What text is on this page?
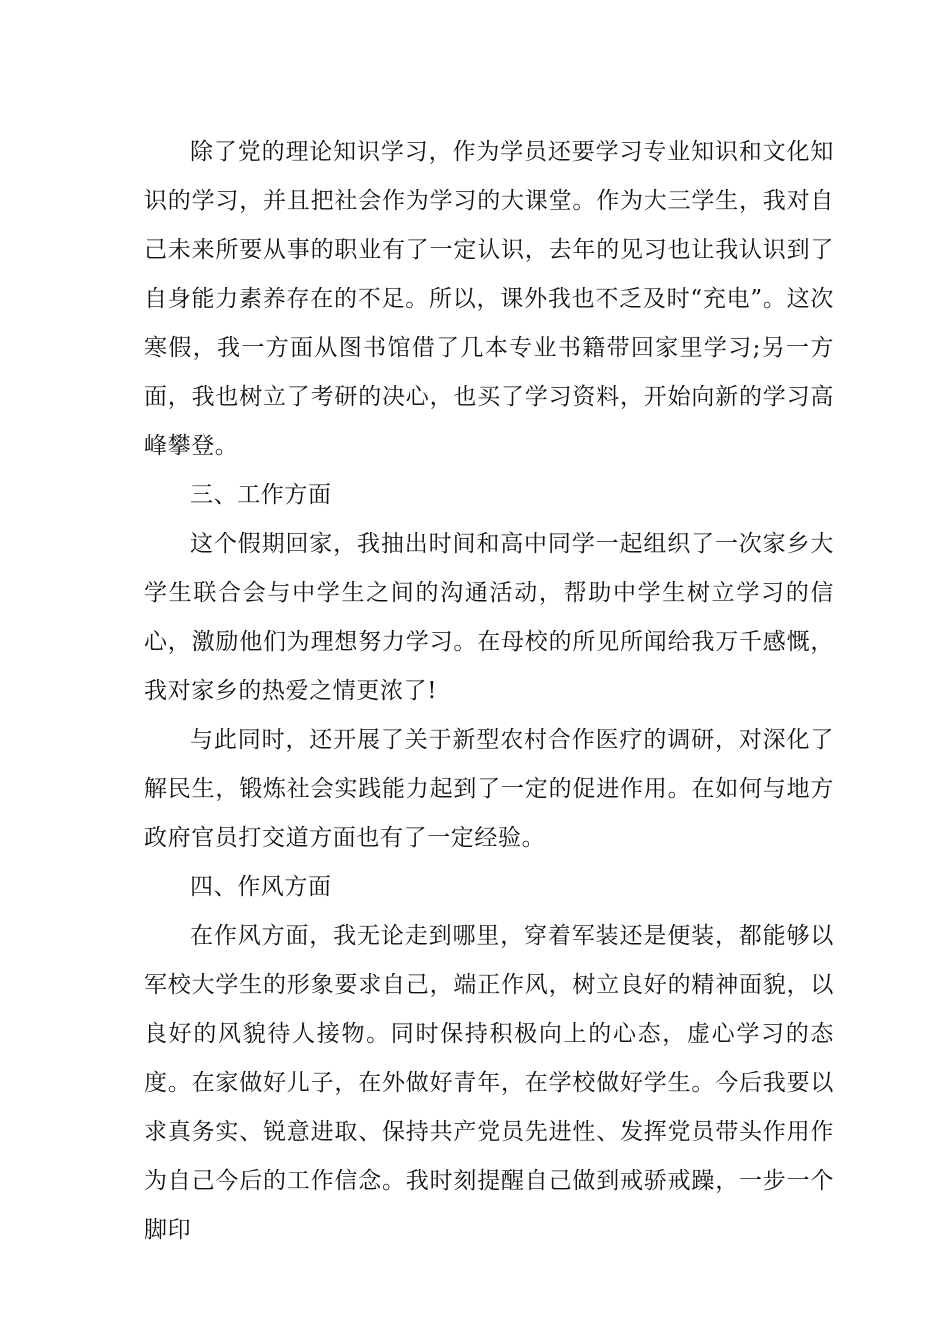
除了党的理论知识学习，作为学员还要学习专业知识和文化知识的学习，并且把社会作为学习的大课堂。作为大三学生，我对自己未来所要从事的职业有了一定认识，去年的见习也让我认识到了自身能力素养存在的不足。所以，课外我也不乏及时“充电”。这次寒假，我一方面从图书馆借了几本专业书籍带回家里学习;另一方面，我也树立了考研的决心，也买了学习资料，开始向新的学习高峰攀登。

三、工作方面

这个假期回家，我抽出时间和高中同学一起组织了一次家乡大学生联合会与中学生之间的沟通活动，帮助中学生树立学习的信心，激励他们为理想努力学习。在母校的所见所闻给我万千感慨，我对家乡的热爱之情更浓了!

与此同时，还开展了关于新型农村合作医疗的调研，对深化了解民生，锻炼社会实践能力起到了一定的促进作用。在如何与地方政府官员打交道方面也有了一定经验。

四、作风方面

在作风方面，我无论走到哪里，穿着军装还是便装，都能够以军校大学生的形象要求自己，端正作风，树立良好的精神面貌，以良好的风貌待人接物。同时保持积极向上的心态，虚心学习的态度。在家做好儿子，在外做好青年，在学校做好学生。今后我要以求真务实、锐意进取、保持共产党员先进性、发挥党员带头作用作为自己今后的工作信念。我时刻提醒自己做到戒骄戒躁，一步一个脚印
